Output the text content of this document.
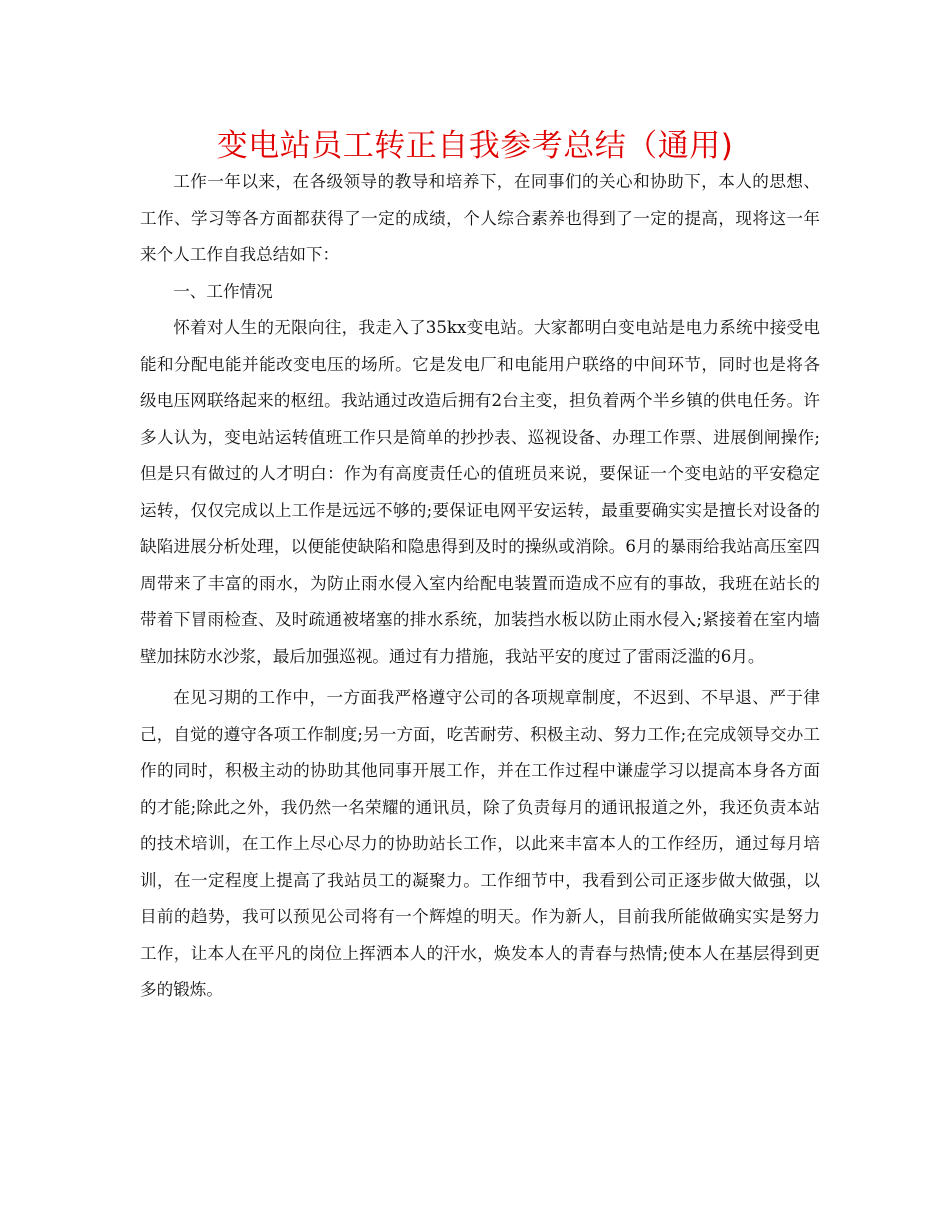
变电站员工转正自我参考总结（通用)

工作一年以来，在各级领导的教导和培养下，在同事们的关心和协助下，本人的思想、工作、学习等各方面都获得了一定的成绩，个人综合素养也得到了一定的提高，现将这一年来个人工作自我总结如下：

一、工作情况

怀着对人生的无限向往，我走入了35kx变电站。大家都明白变电站是电力系统中接受电能和分配电能并能改变电压的场所。它是发电厂和电能用户联络的中间环节，同时也是将各级电压网联络起来的枢纽。我站通过改造后拥有2台主变，担负着两个半乡镇的供电任务。许多人认为，变电站运转值班工作只是简单的抄抄表、巡视设备、办理工作票、进展倒闸操作;但是只有做过的人才明白：作为有高度责任心的值班员来说，要保证一个变电站的平安稳定运转，仅仅完成以上工作是远远不够的;要保证电网平安运转，最重要确实实是擅长对设备的缺陷进展分析处理，以便能使缺陷和隐患得到及时的操纵或消除。6月的暴雨给我站高压室四周带来了丰富的雨水，为防止雨水侵入室内给配电装置而造成不应有的事故，我班在站长的带着下冒雨检查、及时疏通被堵塞的排水系统，加装挡水板以防止雨水侵入;紧接着在室内墙壁加抹防水沙浆，最后加强巡视。通过有力措施，我站平安的度过了雷雨泛滥的6月。

在见习期的工作中，一方面我严格遵守公司的各项规章制度，不迟到、不早退、严于律己，自觉的遵守各项工作制度;另一方面，吃苦耐劳、积极主动、努力工作;在完成领导交办工作的同时，积极主动的协助其他同事开展工作，并在工作过程中谦虚学习以提高本身各方面的才能;除此之外，我仍然一名荣耀的通讯员，除了负责每月的通讯报道之外，我还负责本站的技术培训，在工作上尽心尽力的协助站长工作，以此来丰富本人的工作经历，通过每月培训，在一定程度上提高了我站员工的凝聚力。工作细节中，我看到公司正逐步做大做强，以目前的趋势，我可以预见公司将有一个辉煌的明天。作为新人，目前我所能做确实实是努力工作，让本人在平凡的岗位上挥洒本人的汗水，焕发本人的青春与热情;使本人在基层得到更多的锻炼。
